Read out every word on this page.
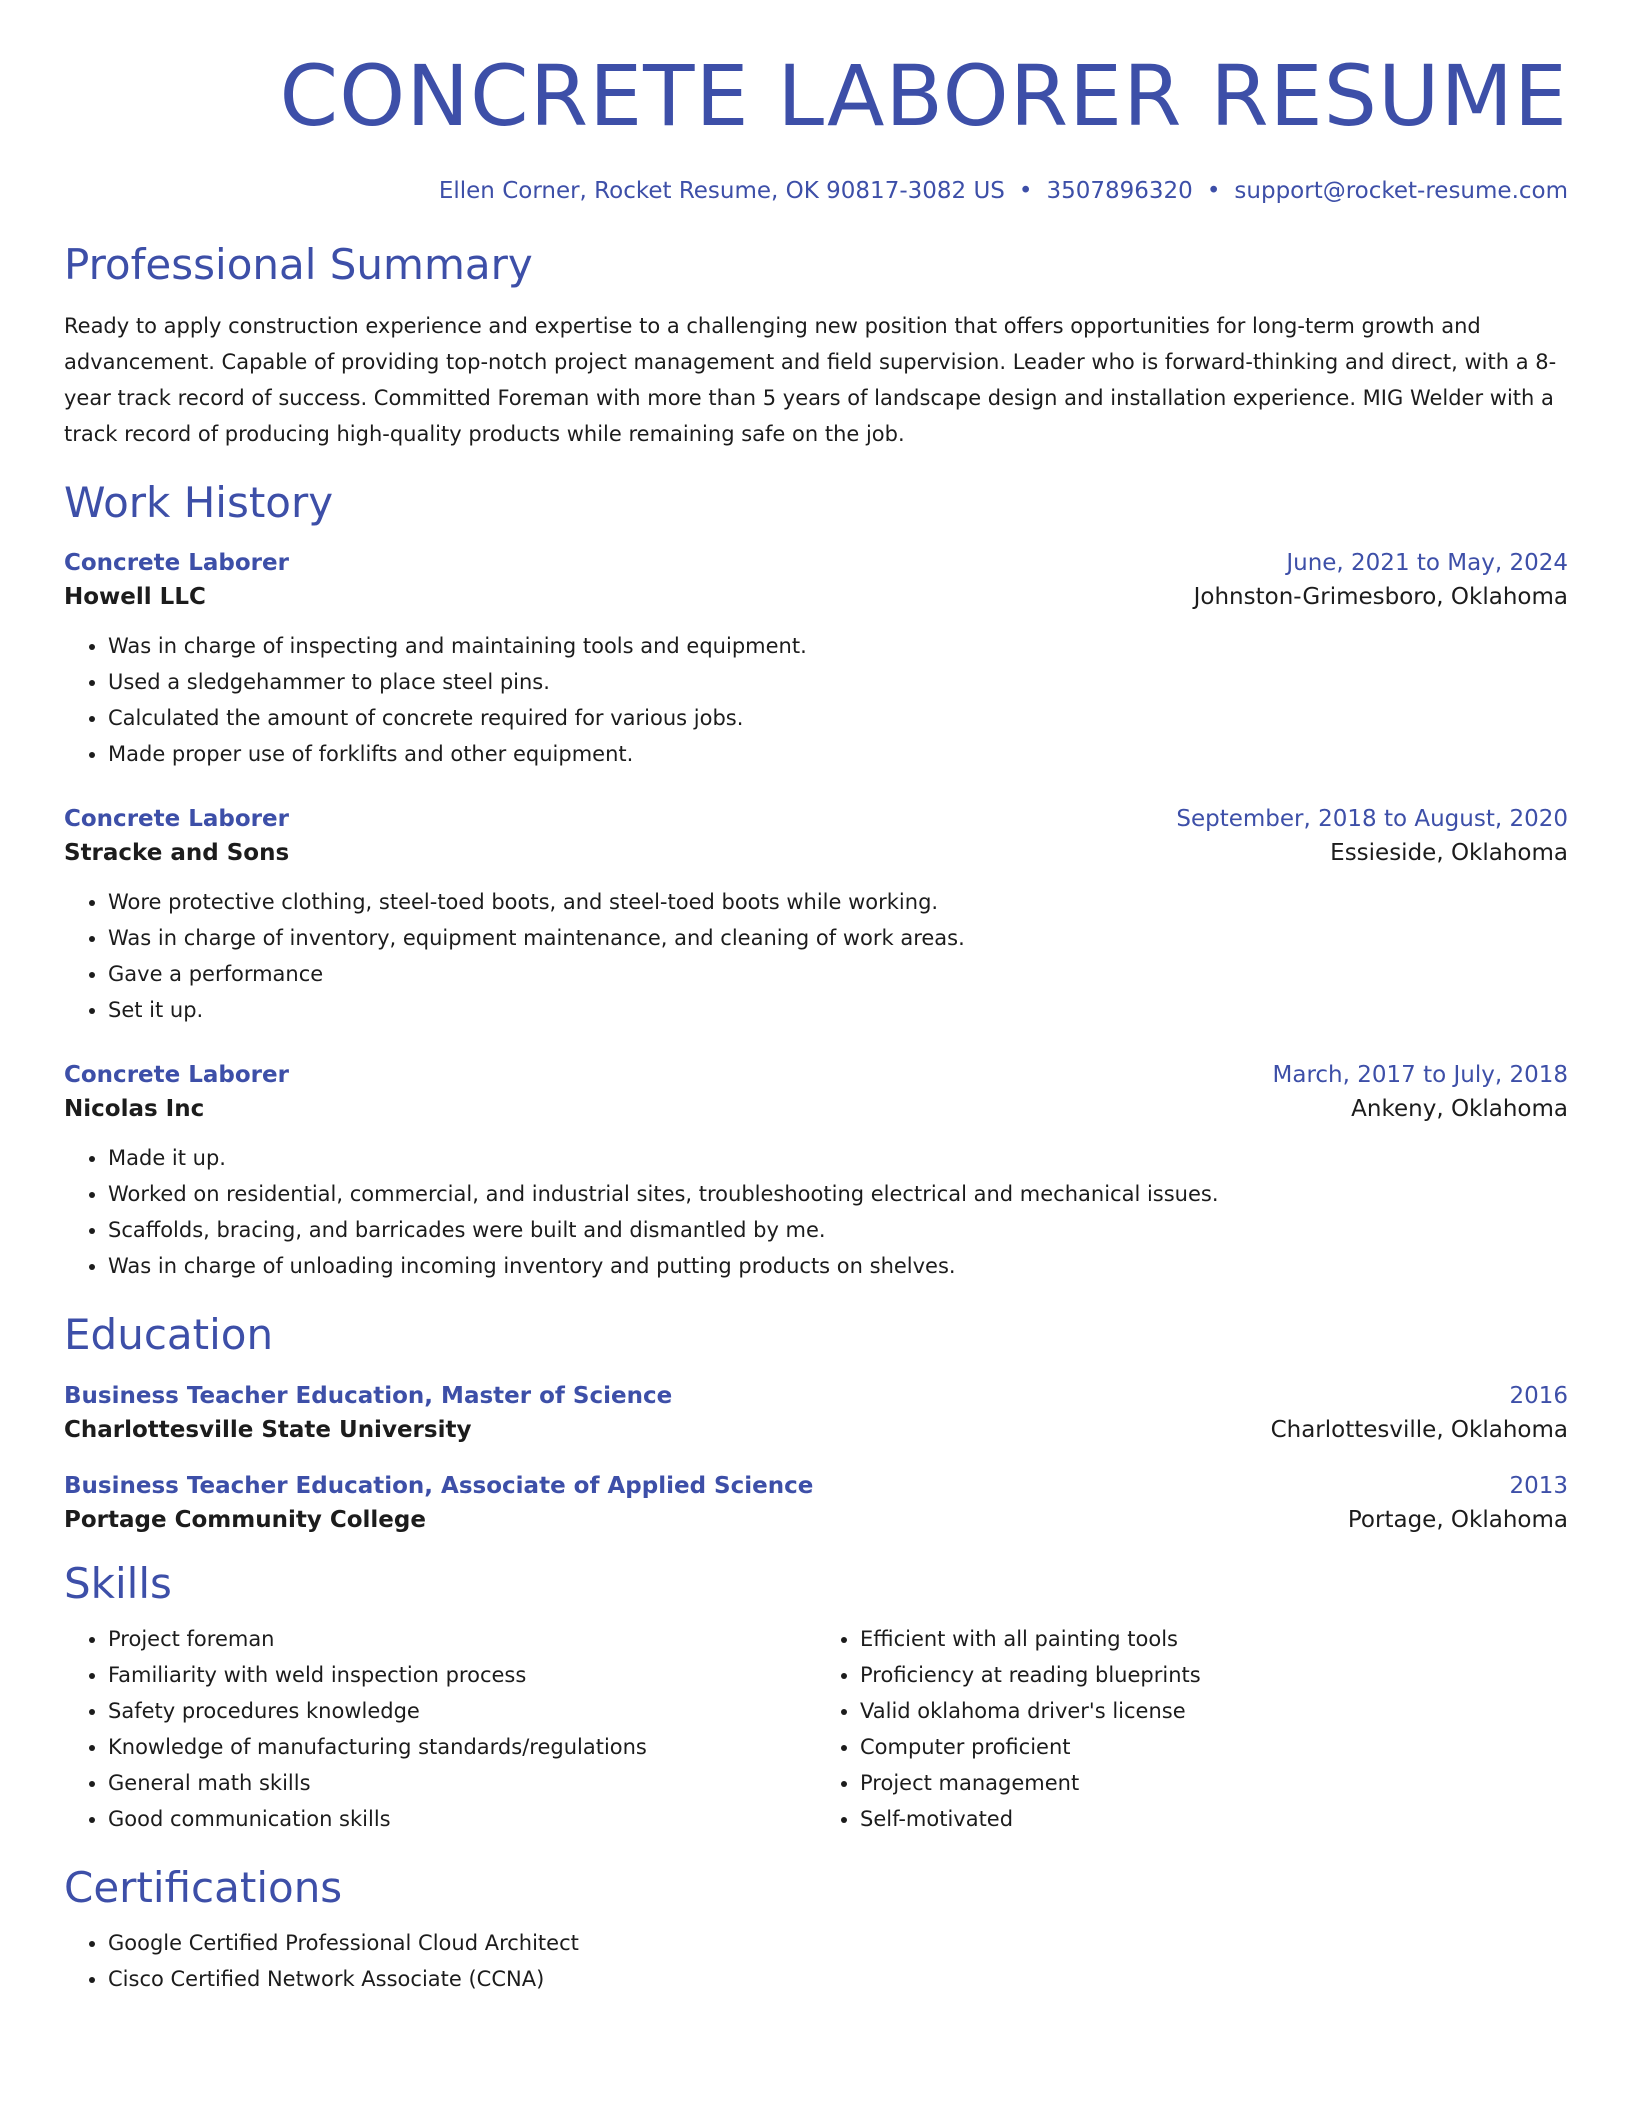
CONCRETE LABORER RESUME
Ellen Corner, Rocket Resume, OK 90817-3082 US • 3507896320 • support@rocket-resume.com
Professional Summary
Ready to apply construction experience and expertise to a challenging new position that offers opportunities for long-term growth and advancement. Capable of providing top-notch project management and field supervision. Leader who is forward-thinking and direct, with a 8-year track record of success. Committed Foreman with more than 5 years of landscape design and installation experience. MIG Welder with a track record of producing high-quality products while remaining safe on the job.
Work History
Concrete Laborer	June, 2021 to May, 2024
Howell LLC	Johnston-Grimesboro, Oklahoma
• Was in charge of inspecting and maintaining tools and equipment.
• Used a sledgehammer to place steel pins.
• Calculated the amount of concrete required for various jobs.
• Made proper use of forklifts and other equipment.
Concrete Laborer	September, 2018 to August, 2020
Stracke and Sons	Essieside, Oklahoma
• Wore protective clothing, steel-toed boots, and steel-toed boots while working.
• Was in charge of inventory, equipment maintenance, and cleaning of work areas.
• Gave a performance
• Set it up.
Concrete Laborer	March, 2017 to July, 2018
Nicolas Inc	Ankeny, Oklahoma
• Made it up.
• Worked on residential, commercial, and industrial sites, troubleshooting electrical and mechanical issues.
• Scaffolds, bracing, and barricades were built and dismantled by me.
• Was in charge of unloading incoming inventory and putting products on shelves.
Education
Business Teacher Education, Master of Science	2016
Charlottesville State University	Charlottesville, Oklahoma
Business Teacher Education, Associate of Applied Science	2013
Portage Community College	Portage, Oklahoma
Skills
• Project foreman
• Familiarity with weld inspection process
• Safety procedures knowledge
• Knowledge of manufacturing standards/regulations
• General math skills
• Good communication skills
• Efficient with all painting tools
• Proficiency at reading blueprints
• Valid oklahoma driver's license
• Computer proficient
• Project management
• Self-motivated
Certifications
• Google Certified Professional Cloud Architect
• Cisco Certified Network Associate (CCNA)
